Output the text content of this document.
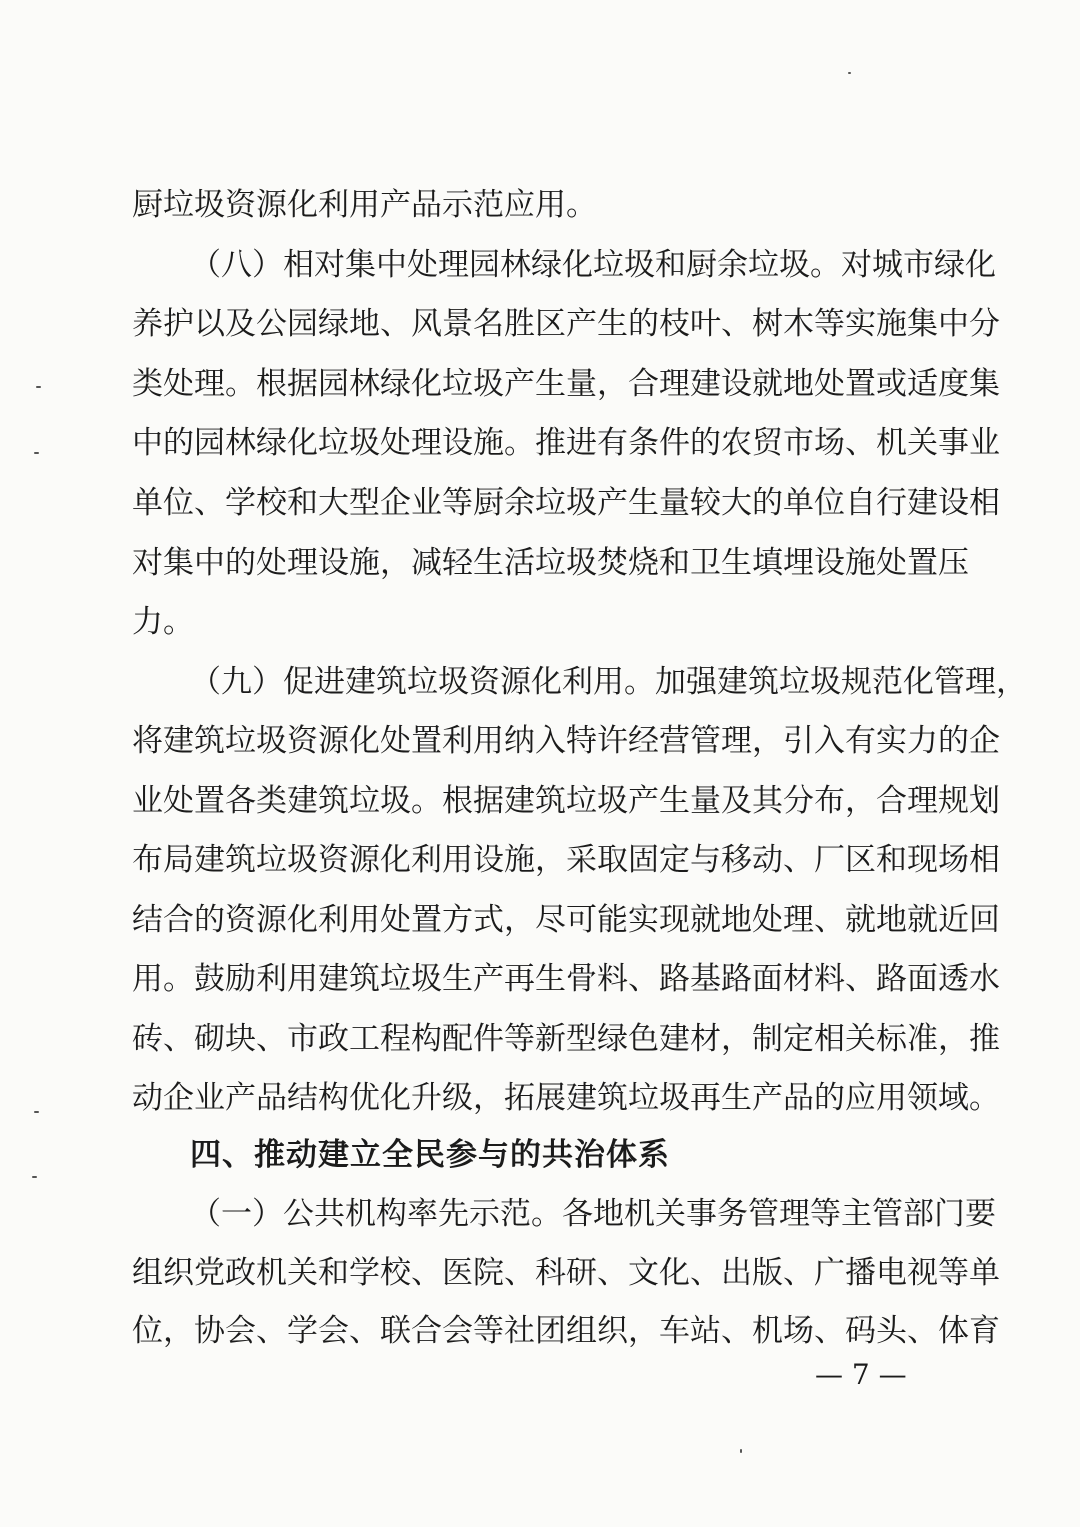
厨垃圾资源化利用产品示范应用。
（八）相对集中处理园林绿化垃圾和厨余垃圾。对城市绿化
养护以及公园绿地、风景名胜区产生的枝叶、树木等实施集中分
类处理。根据园林绿化垃圾产生量，合理建设就地处置或适度集
中的园林绿化垃圾处理设施。推进有条件的农贸市场、机关事业
单位、学校和大型企业等厨余垃圾产生量较大的单位自行建设相
对集中的处理设施，减轻生活垃圾焚烧和卫生填埋设施处置压
力。
（九）促进建筑垃圾资源化利用。加强建筑垃圾规范化管理，
将建筑垃圾资源化处置利用纳入特许经营管理，引入有实力的企
业处置各类建筑垃圾。根据建筑垃圾产生量及其分布，合理规划
布局建筑垃圾资源化利用设施，采取固定与移动、厂区和现场相
结合的资源化利用处置方式，尽可能实现就地处理、就地就近回
用。鼓励利用建筑垃圾生产再生骨料、路基路面材料、路面透水
砖、砌块、市政工程构配件等新型绿色建材，制定相关标准，推
动企业产品结构优化升级，拓展建筑垃圾再生产品的应用领域。
四、推动建立全民参与的共治体系
（一）公共机构率先示范。各地机关事务管理等主管部门要
组织党政机关和学校、医院、科研、文化、出版、广播电视等单
位，协会、学会、联合会等社团组织，车站、机场、码头、体育
— 7 —
